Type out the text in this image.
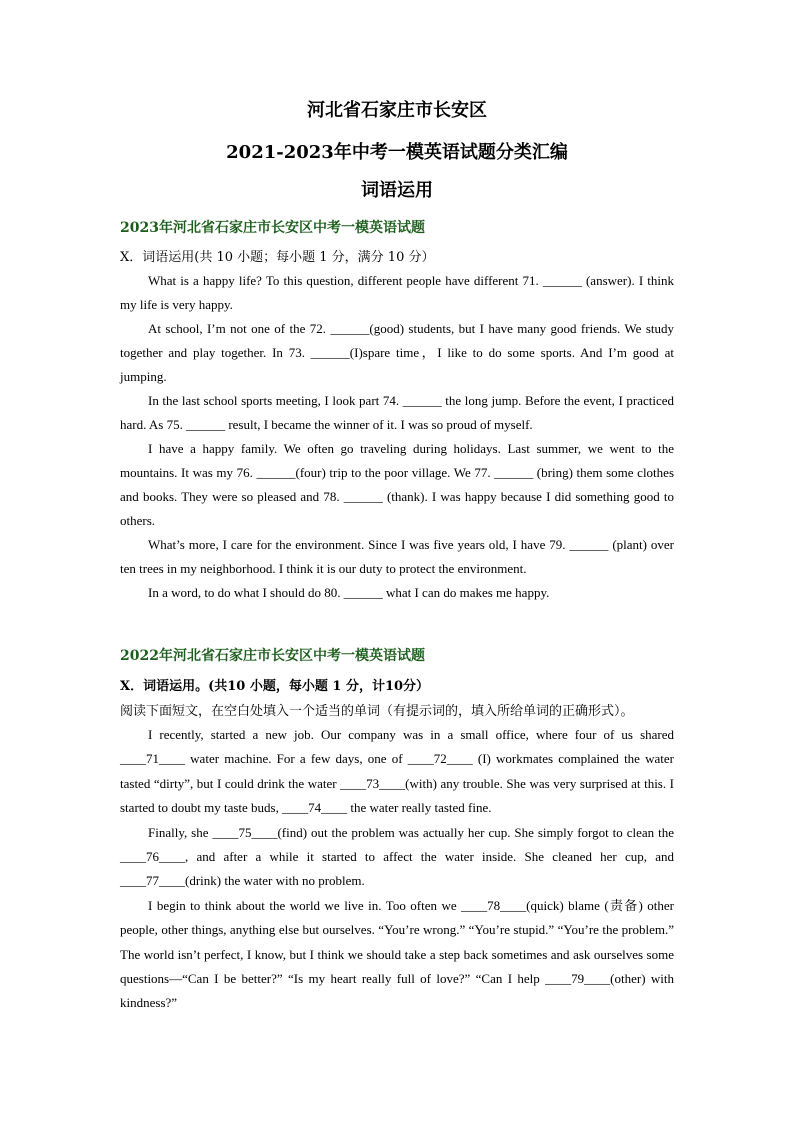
河北省石家庄市长安区
2021-2023年中考一模英语试题分类汇编
词语运用
2023年河北省石家庄市长安区中考一模英语试题
X．词语运用(共 10 小题；每小题 1 分，满分 10 分）

What is a happy life? To this question, different people have different 71. ______ (answer). I think my life is very happy.

At school, I’m not one of the 72. ______(good) students, but I have many good friends. We study together and play together. In 73. ______(I)spare time，I like to do some sports. And I’m good at jumping.

In the last school sports meeting, I look part 74. ______ the long jump. Before the event, I practiced hard. As 75. ______ result, I became the winner of it. I was so proud of myself.

I have a happy family. We often go traveling during holidays. Last summer, we went to the mountains. It was my 76. ______(four) trip to the poor village. We 77. ______ (bring) them some clothes and books. They were so pleased and 78. ______ (thank). I was happy because I did something good to others.

What’s more, I care for the environment. Since I was five years old, I have 79. ______ (plant) over ten trees in my neighborhood. I think it is our duty to protect the environment.

In a word, to do what I should do 80. ______ what I can do makes me happy.

2022年河北省石家庄市长安区中考一模英语试题
X．词语运用。(共10 小题，每小题 1 分，计10分）
阅读下面短文，在空白处填入一个适当的单词（有提示词的，填入所给单词的正确形式）。

I recently, started a new job. Our company was in a small office, where four of us shared ____71____ water machine. For a few days, one of ____72____ (I) workmates complained the water tasted “dirty”, but I could drink the water ____73____(with) any trouble. She was very surprised at this. I started to doubt my taste buds, ____74____ the water really tasted fine.

Finally, she ____75____(find) out the problem was actually her cup. She simply forgot to clean the ____76____, and after a while it started to affect the water inside. She cleaned her cup, and ____77____(drink) the water with no problem.

I begin to think about the world we live in. Too often we ____78____(quick) blame (责备) other people, other things, anything else but ourselves. “You’re wrong.” “You’re stupid.” “You’re the problem.” The world isn’t perfect, I know, but I think we should take a step back sometimes and ask ourselves some questions—“Can I be better?” “Is my heart really full of love?” “Can I help ____79____(other) with kindness?”
